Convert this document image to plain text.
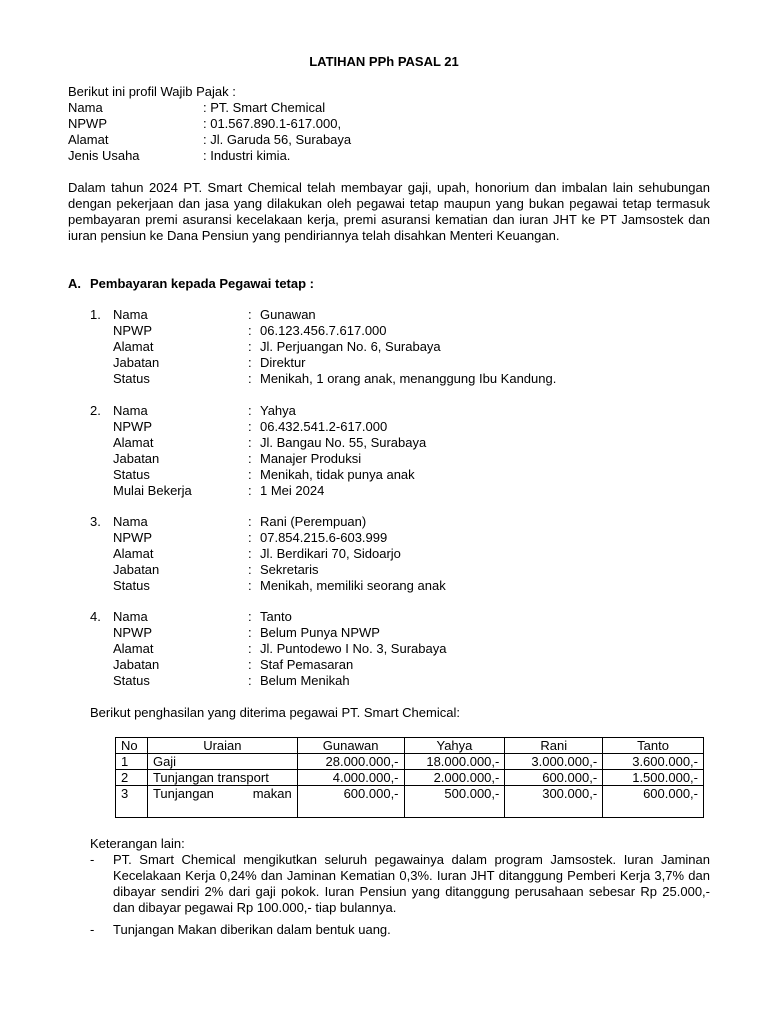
LATIHAN PPh PASAL 21
Berikut ini profil Wajib Pajak :
Nama	: PT. Smart Chemical
NPWP	: 01.567.890.1-617.000,
Alamat	: Jl. Garuda 56, Surabaya
Jenis Usaha	: Industri kimia.
Dalam tahun 2024 PT. Smart Chemical telah membayar gaji, upah, honorium dan imbalan lain sehubungan dengan pekerjaan dan jasa yang dilakukan oleh pegawai tetap maupun yang bukan pegawai tetap termasuk pembayaran premi asuransi kecelakaan kerja, premi asuransi kematian dan iuran JHT ke PT Jamsostek dan iuran pensiun ke Dana Pensiun yang pendiriannya telah disahkan Menteri Keuangan.
A. Pembayaran kepada Pegawai tetap :
1. Nama	: Gunawan
NPWP	: 06.123.456.7.617.000
Alamat	: Jl. Perjuangan No. 6, Surabaya
Jabatan	: Direktur
Status	: Menikah, 1 orang anak, menanggung Ibu Kandung.
2. Nama	: Yahya
NPWP	: 06.432.541.2-617.000
Alamat	: Jl. Bangau No. 55, Surabaya
Jabatan	: Manajer Produksi
Status	: Menikah, tidak punya anak
Mulai Bekerja	: 1 Mei 2024
3. Nama	: Rani (Perempuan)
NPWP	: 07.854.215.6-603.999
Alamat	: Jl. Berdikari 70, Sidoarjo
Jabatan	: Sekretaris
Status	: Menikah, memiliki seorang anak
4. Nama	: Tanto
NPWP	: Belum Punya NPWP
Alamat	: Jl. Puntodewo I No. 3, Surabaya
Jabatan	: Staf Pemasaran
Status	: Belum Menikah
Berikut penghasilan yang diterima pegawai PT. Smart Chemical:
No	Uraian	Gunawan	Yahya	Rani	Tanto
1	Gaji	28.000.000,-	18.000.000,-	3.000.000,-	3.600.000,-
2	Tunjangan transport	4.000.000,-	2.000.000,-	600.000,-	1.500.000,-
3	Tunjangan makan	600.000,-	500.000,-	300.000,-	600.000,-
Keterangan lain:
- PT. Smart Chemical mengikutkan seluruh pegawainya dalam program Jamsostek. Iuran Jaminan Kecelakaan Kerja 0,24% dan Jaminan Kematian 0,3%. Iuran JHT ditanggung Pemberi Kerja 3,7% dan dibayar sendiri 2% dari gaji pokok. Iuran Pensiun yang ditanggung perusahaan sebesar Rp 25.000,- dan dibayar pegawai Rp 100.000,- tiap bulannya.
- Tunjangan Makan diberikan dalam bentuk uang.
